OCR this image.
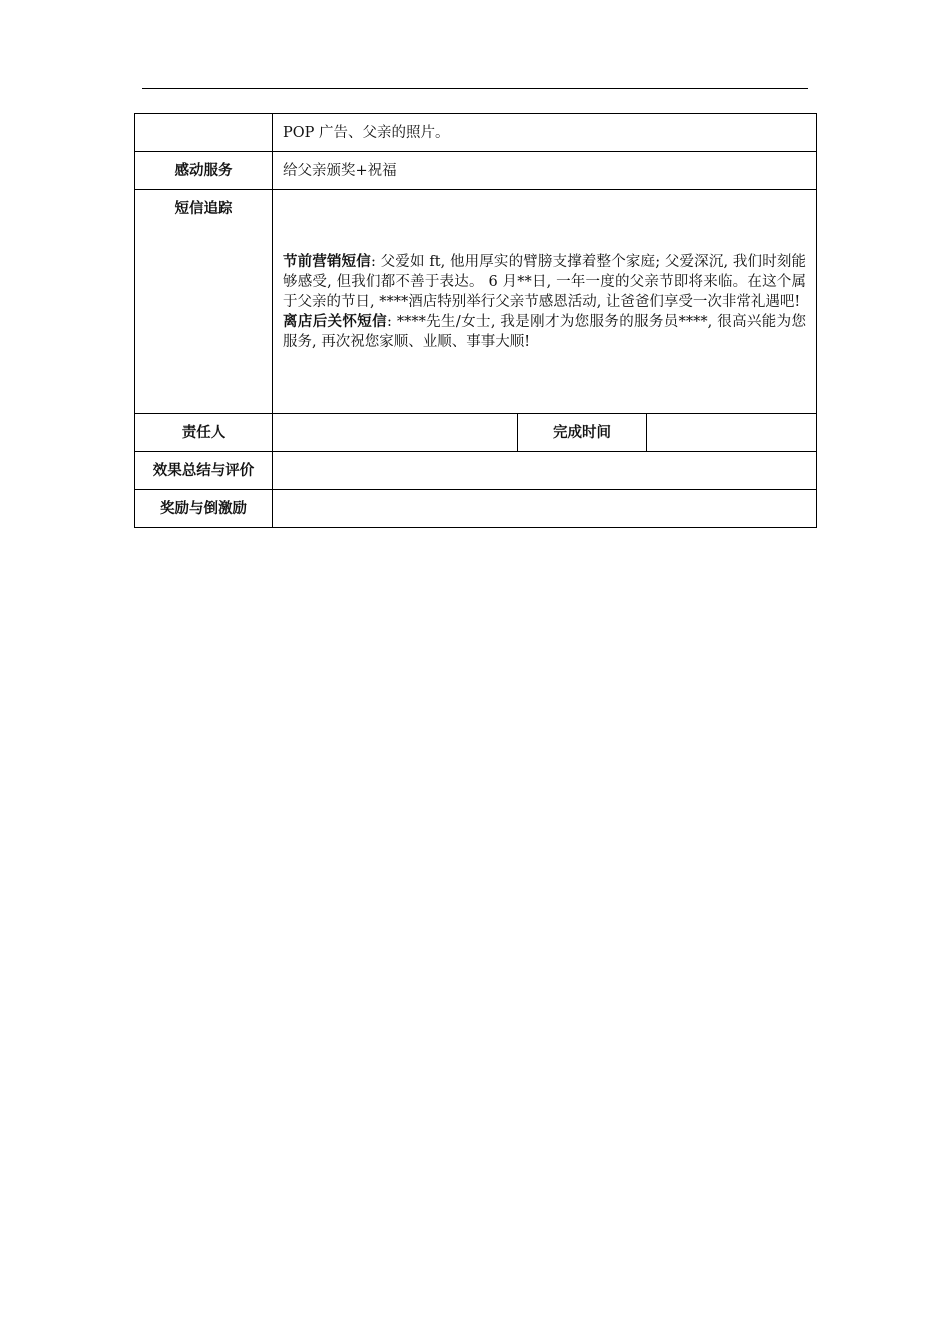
	POP 广告、父亲的照片。		
感动服务	给父亲颁奖+祝福		
短信追踪	节前营销短信: 父爱如 ft, 他用厚实的臂膀支撑着整个家庭; 父爱深沉, 我们时刻能够感受, 但我们都不善于表达。 6 月**日, 一年一度的父亲节即将来临。在这个属于父亲的节日, ****酒店特别举行父亲节感恩活动, 让爸爸们享受一次非常礼遇吧!
离店后关怀短信: ****先生/女士, 我是刚才为您服务的服务员****, 很高兴能为您服务, 再次祝您家顺、业顺、事事大顺!		
责任人		完成时间	
效果总结与评价			
奖励与倒激励			
